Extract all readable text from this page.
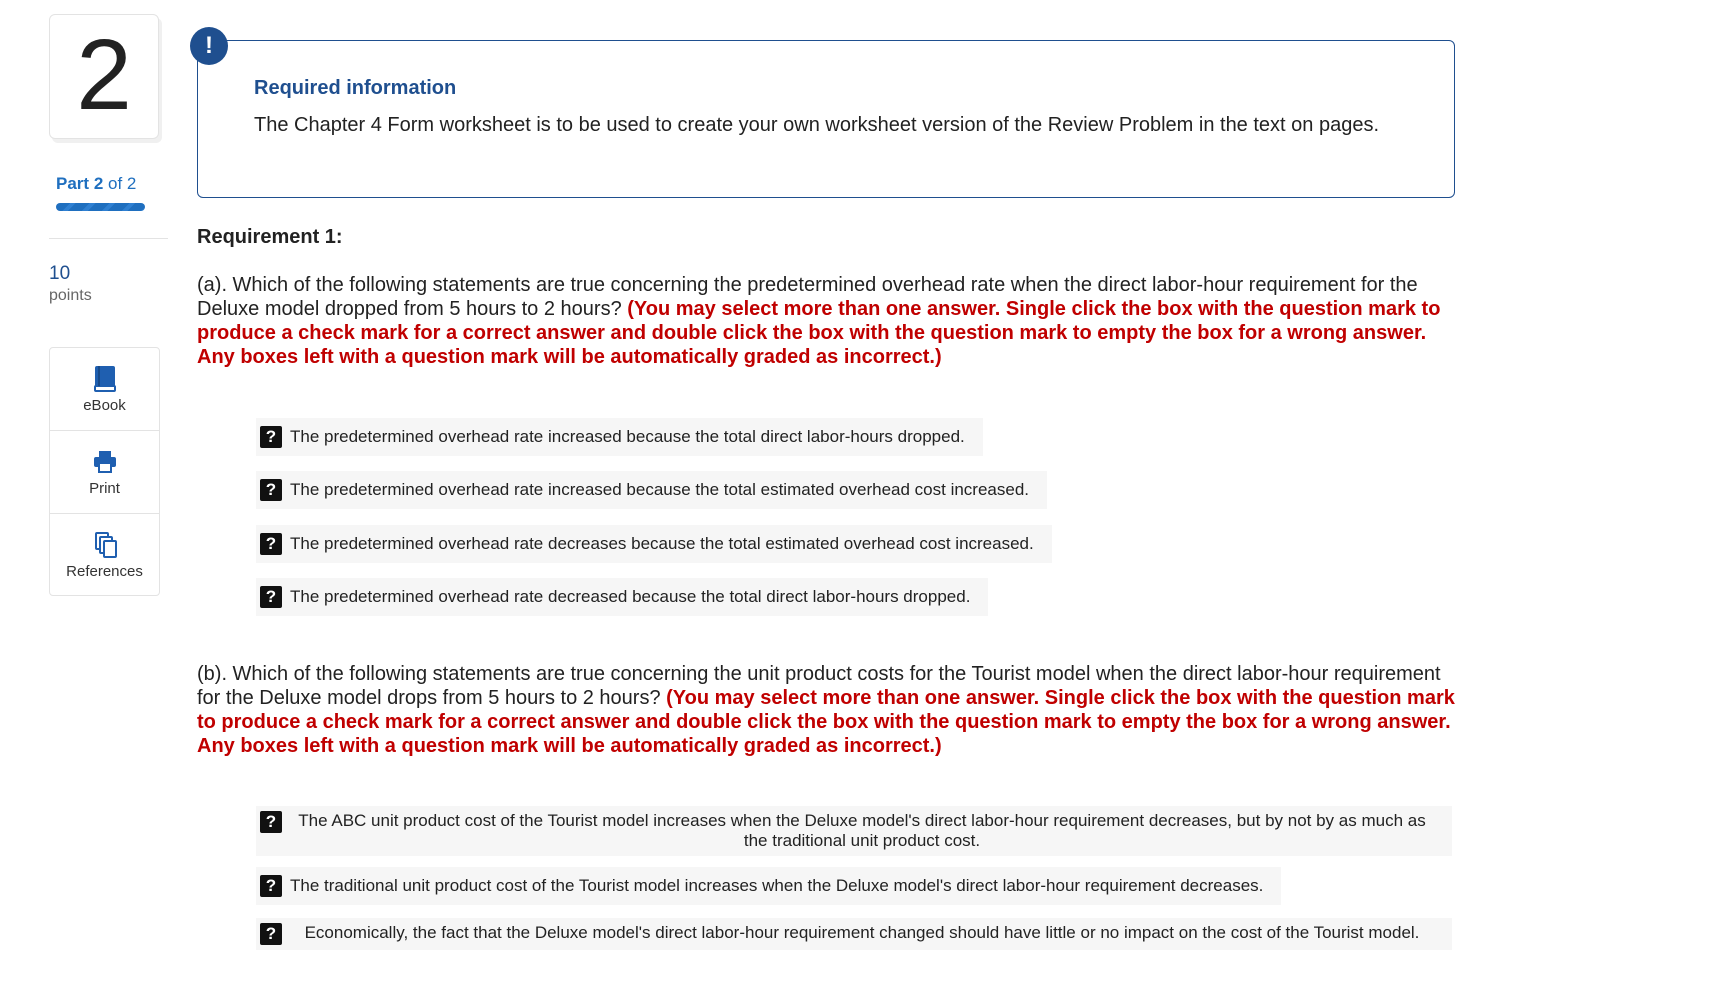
2
Part 2 of 2
10
points
eBook
Print
References
Required information
The Chapter 4 Form worksheet is to be used to create your own worksheet version of the Review Problem in the text on pages.
!
Requirement 1:
(a). Which of the following statements are true concerning the predetermined overhead rate when the direct labor-hour requirement for the Deluxe model dropped from 5 hours to 2 hours? (You may select more than one answer. Single click the box with the question mark to produce a check mark for a correct answer and double click the box with the question mark to empty the box for a wrong answer. Any boxes left with a question mark will be automatically graded as incorrect.)
? The predetermined overhead rate increased because the total direct labor-hours dropped.
? The predetermined overhead rate increased because the total estimated overhead cost increased.
? The predetermined overhead rate decreases because the total estimated overhead cost increased.
? The predetermined overhead rate decreased because the total direct labor-hours dropped.
(b). Which of the following statements are true concerning the unit product costs for the Tourist model when the direct labor-hour requirement for the Deluxe model drops from 5 hours to 2 hours? (You may select more than one answer. Single click the box with the question mark to produce a check mark for a correct answer and double click the box with the question mark to empty the box for a wrong answer. Any boxes left with a question mark will be automatically graded as incorrect.)
?	The ABC unit product cost of the Tourist model increases when the Deluxe model's direct labor-hour requirement decreases, but by not by as much as the traditional unit product cost.
? The traditional unit product cost of the Tourist model increases when the Deluxe model's direct labor-hour requirement decreases.
?	Economically, the fact that the Deluxe model's direct labor-hour requirement changed should have little or no impact on the cost of the Tourist model.
